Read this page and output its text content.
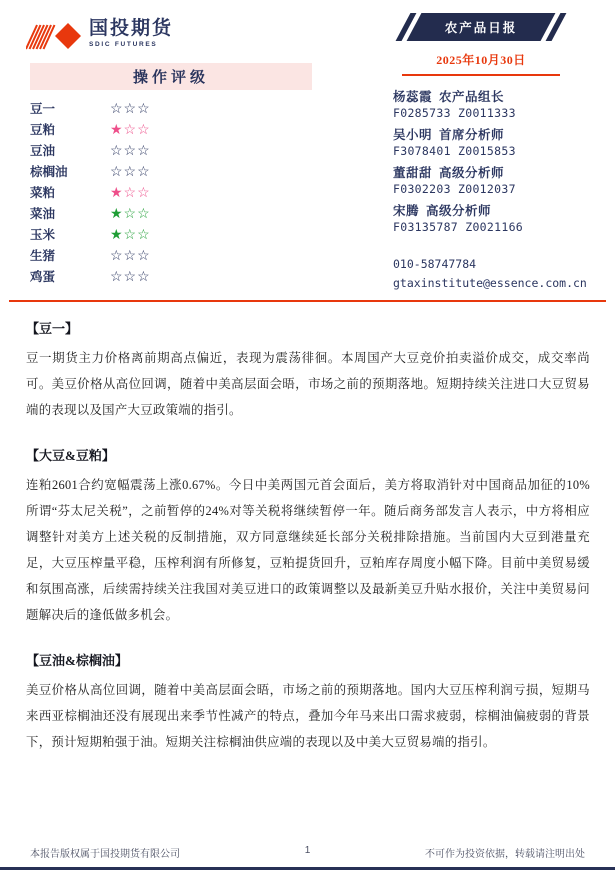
国投期货
SDIC FUTURES
农产品日报
2025年10月30日
操作评级
豆一	☆☆☆
豆粕	★☆☆
豆油	☆☆☆
棕榈油	☆☆☆
菜粕	★☆☆
菜油	★☆☆
玉米	★☆☆
生猪	☆☆☆
鸡蛋	☆☆☆
杨蕊霞 农产品组长
F0285733 Z0011333
吴小明 首席分析师
F3078401 Z0015853
董甜甜 高级分析师
F0302203 Z0012037
宋腾 高级分析师
F03135787 Z0021166
010-58747784
gtaxinstitute@essence.com.cn
【豆一】

豆一期货主力价格离前期高点偏近，表现为震荡徘徊。本周国产大豆竞价拍卖溢价成交，成交率尚可。美豆价格从高位回调，随着中美高层面会晤，市场之前的预期落地。短期持续关注进口大豆贸易端的表现以及国产大豆政策端的指引。

【大豆&豆粕】

连粕2601合约宽幅震荡上涨0.67%。今日中美两国元首会面后，美方将取消针对中国商品加征的10%所谓“芬太尼关税”，之前暂停的24%对等关税将继续暂停一年。随后商务部发言人表示，中方将相应调整针对美方上述关税的反制措施，双方同意继续延长部分关税排除措施。当前国内大豆到港量充足，大豆压榨量平稳，压榨利润有所修复，豆粕提货回升，豆粕库存周度小幅下降。目前中美贸易缓和氛围高涨，后续需持续关注我国对美豆进口的政策调整以及最新美豆升贴水报价，关注中美贸易问题解决后的逢低做多机会。

【豆油&棕榈油】

美豆价格从高位回调，随着中美高层面会晤，市场之前的预期落地。国内大豆压榨利润亏损，短期马来西亚棕榈油还没有展现出来季节性减产的特点，叠加今年马来出口需求疲弱，棕榈油偏疲弱的背景下，预计短期粕强于油。短期关注棕榈油供应端的表现以及中美大豆贸易端的指引。

本报告版权属于国投期货有限公司	1	不可作为投资依据，转载请注明出处
